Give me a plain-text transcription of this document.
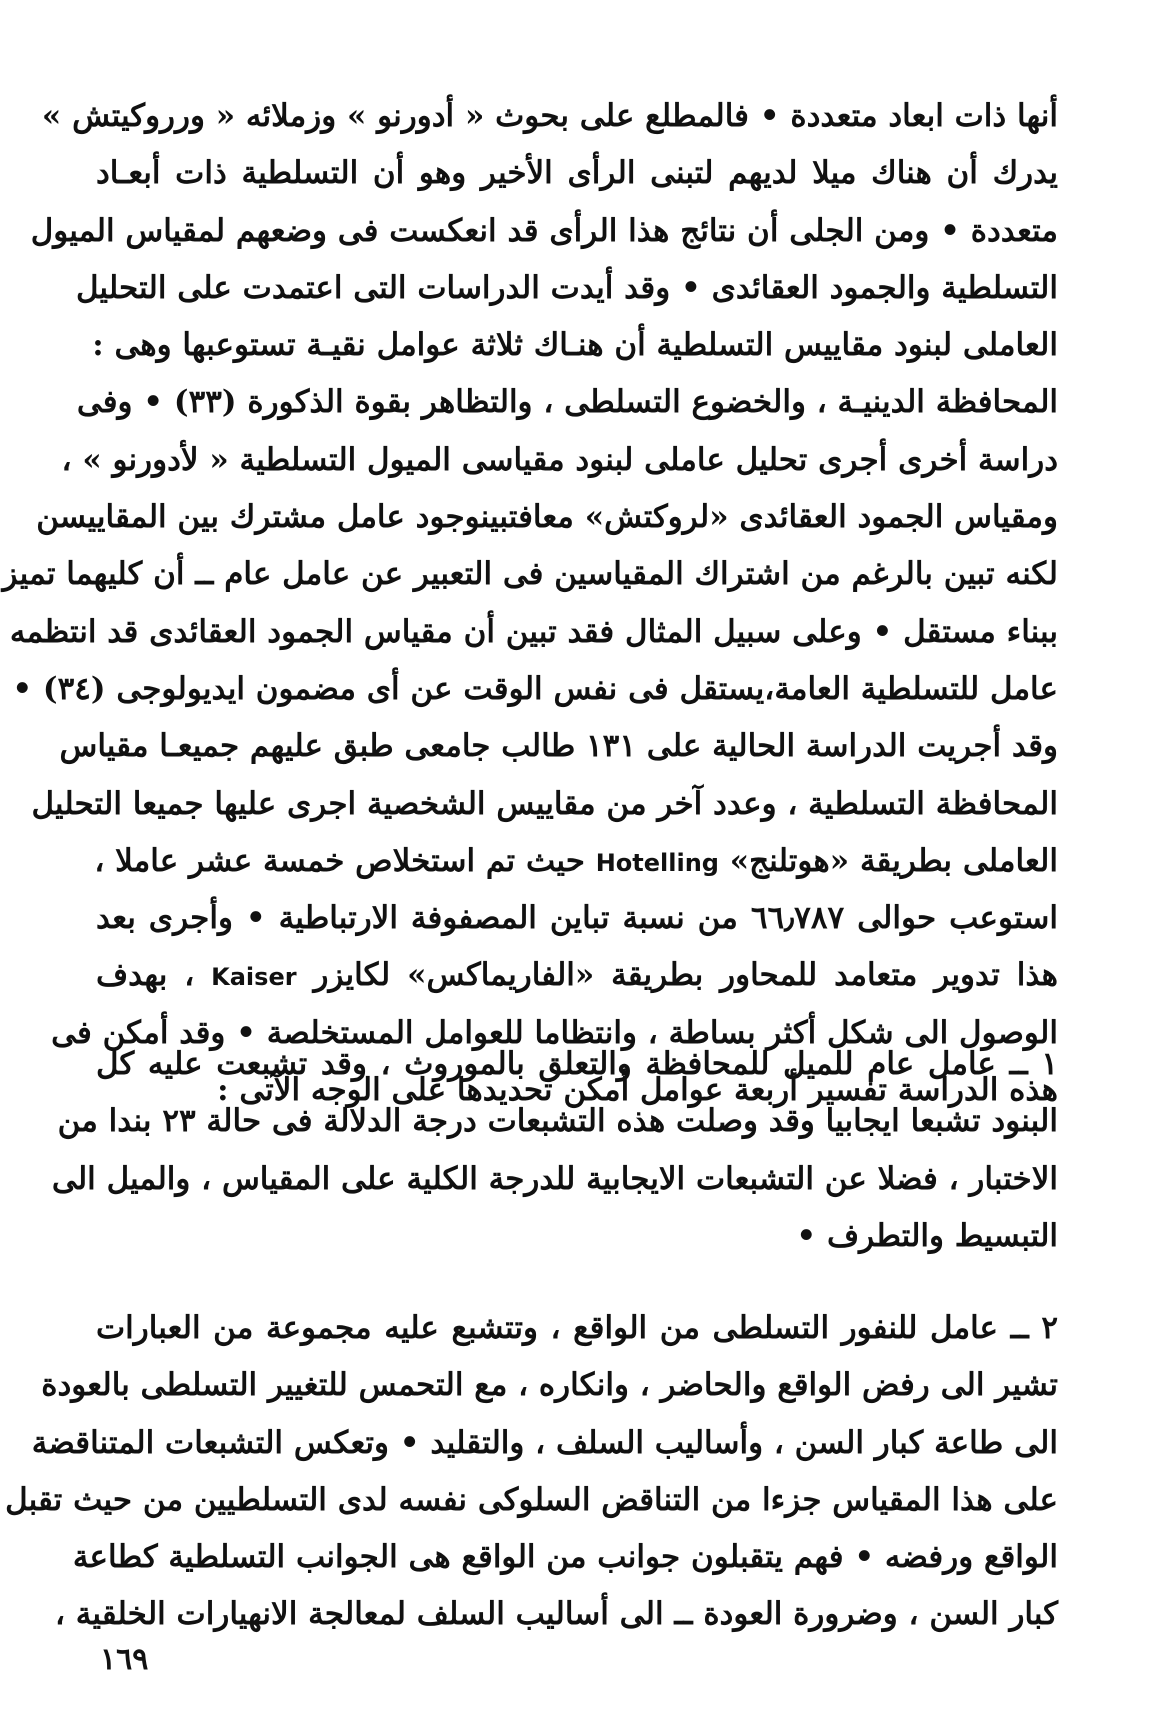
أنها ذات ابعاد متعددة • فالمطلع على بحوث « أدورنو » وزملائه « ورروكيتش »
يدرك أن هناك ميلا لديهم لتبنى الرأى الأخير وهو أن التسلطية ذات أبعـاد
متعددة • ومن الجلى أن نتائج هذا الرأى قد انعكست فى وضعهم لمقياس الميول
التسلطية والجمود العقائدى • وقد أيدت الدراسات التى اعتمدت على التحليل
العاملى لبنود مقاييس التسلطية أن هنـاك ثلاثة عوامل نقيـة تستوعبها وهى :
المحافظة الدينيـة ، والخضوع التسلطى ، والتظاهر بقوة الذكورة (٣٣) • وفى
دراسة أخرى أجرى تحليل عاملى لبنود مقياسى الميول التسلطية « لأدورنو » ،
ومقياس الجمود العقائدى «لروكتش» معافتبينوجود عامل مشترك بين المقاييسن
لكنه تبين بالرغم من اشتراك المقياسين فى التعبير عن عامل عام ــ أن كليهما تميز
ببناء مستقل • وعلى سبيل المثال فقد تبين أن مقياس الجمود العقائدى قد انتظمه
عامل للتسلطية العامة،يستقل فى نفس الوقت عن أى مضمون ايديولوجى (٣٤) •
وقد أجريت الدراسة الحالية على ١٣١ طالب جامعى طبق عليهم جميعـا مقياس
المحافظة التسلطية ، وعدد آخر من مقاييس الشخصية اجرى عليها جميعا التحليل
العاملى بطريقة «هوتلنج» Hotelling حيث تم استخلاص خمسة عشر عاملا ،
استوعب حوالى ٦٦٫٧٨٧ من نسبة تباين المصفوفة الارتباطية • وأجرى بعد
هذا تدوير متعامد للمحاور بطريقة «الفاريماكس» لكايزر Kaiser ، بهدف
الوصول الى شكل أكثر بساطة ، وانتظاما للعوامل المستخلصة • وقد أمكن فى
هذه الدراسة تفسير أربعة عوامل أمكن تحديدها على الوجه الآتى :
١ ــ عامل عام للميل للمحافظة والتعلق بالموروث ، وقد تشبعت عليه كل
البنود تشبعا ايجابيا وقد وصلت هذه التشبعات درجة الدلالة فى حالة ٢٣ بندا من
الاختبار ، فضلا عن التشبعات الايجابية للدرجة الكلية على المقياس ، والميل الى
التبسيط والتطرف •
٢ ــ عامل للنفور التسلطى من الواقع ، وتتشبع عليه مجموعة من العبارات
تشير الى رفض الواقع والحاضر ، وانكاره ، مع التحمس للتغيير التسلطى بالعودة
الى طاعة كبار السن ، وأساليب السلف ، والتقليد • وتعكس التشبعات المتناقضة
على هذا المقياس جزءا من التناقض السلوكى نفسه لدى التسلطيين من حيث تقبل
الواقع ورفضه • فهم يتقبلون جوانب من الواقع هى الجوانب التسلطية كطاعة
كبار السن ، وضرورة العودة ــ الى أساليب السلف لمعالجة الانهيارات الخلقية ،
١٦٩
